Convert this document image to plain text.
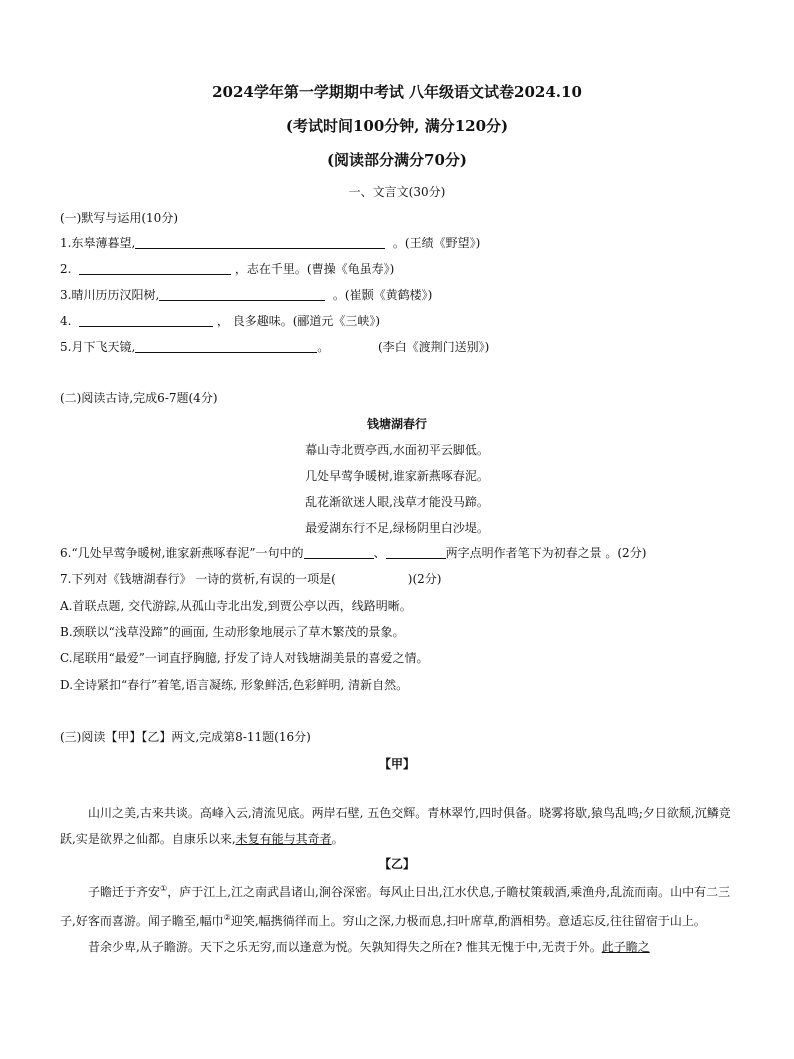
2024学年第一学期期中考试 八年级语文试卷2024.10
(考试时间100分钟, 满分120分)
(阅读部分满分70分)
一、文言文(30分)
(一)默写与运用(10分)
1.东皋薄暮望,	。(王绩《野望》)
2.	，志在千里。(曹操《龟虽寿》)
3.晴川历历汉阳树,	。(崔颢《黄鹤楼》)
4.	， 良多趣味。(郦道元《三峡》)
5.月下飞天镜,	。	(李白《渡荆门送别》)
(二)阅读古诗,完成6-7题(4分)
钱塘湖春行
幕山寺北贾亭西,水面初平云脚低。
几处早莺争暖树,谁家新燕啄春泥。
乱花渐欲迷人眼,浅草才能没马蹄。
最爱湖东行不足,绿杨阴里白沙堤。
6.“几处早莺争暖树,谁家新燕啄春泥”一句中的	、	两字点明作者笔下为初春之景 。(2分)
7.下列对《钱塘湖春行》 一诗的赏析,有误的一项是(	)(2分)
A.首联点题, 交代游踪,从孤山寺北出发,到贾公亭以西，线路明晰。
B.颈联以“浅草没蹄”的画面, 生动形象地展示了草木繁茂的景象。
C.尾联用“最爱”一词直抒胸臆, 抒发了诗人对钱塘湖美景的喜爱之情。
D.全诗紧扣“春行”着笔,语言凝练, 形象鲜活,色彩鲜明, 清新自然。
(三)阅读【甲】【乙】两文,完成第8-11题(16分)
【甲】

山川之美,古来共谈。高峰入云,清流见底。两岸石壁, 五色交辉。青林翠竹,四时俱备。晓雾将歇,猿鸟乱鸣;夕日欲颓,沉鳞竞跃,实是欲界之仙都。自康乐以来,未复有能与其奇者。

【乙】

子瞻迁于齐安①，庐于江上,江之南武昌诸山,涧谷深密。每风止日出,江水伏息,子瞻杖策载酒,乘渔舟,乱流而南。山中有二三子,好客而喜游。闻子瞻至,幅巾②迎笑,幅携徜徉而上。穷山之深,力极而息,扫叶席草,酌酒相势。意适忘反,往往留宿于山上。

昔余少卑,从子瞻游。天下之乐无穷,而以逢意为悦。矢孰知得失之所在? 惟其无愧于中,无责于外。此子瞻之
